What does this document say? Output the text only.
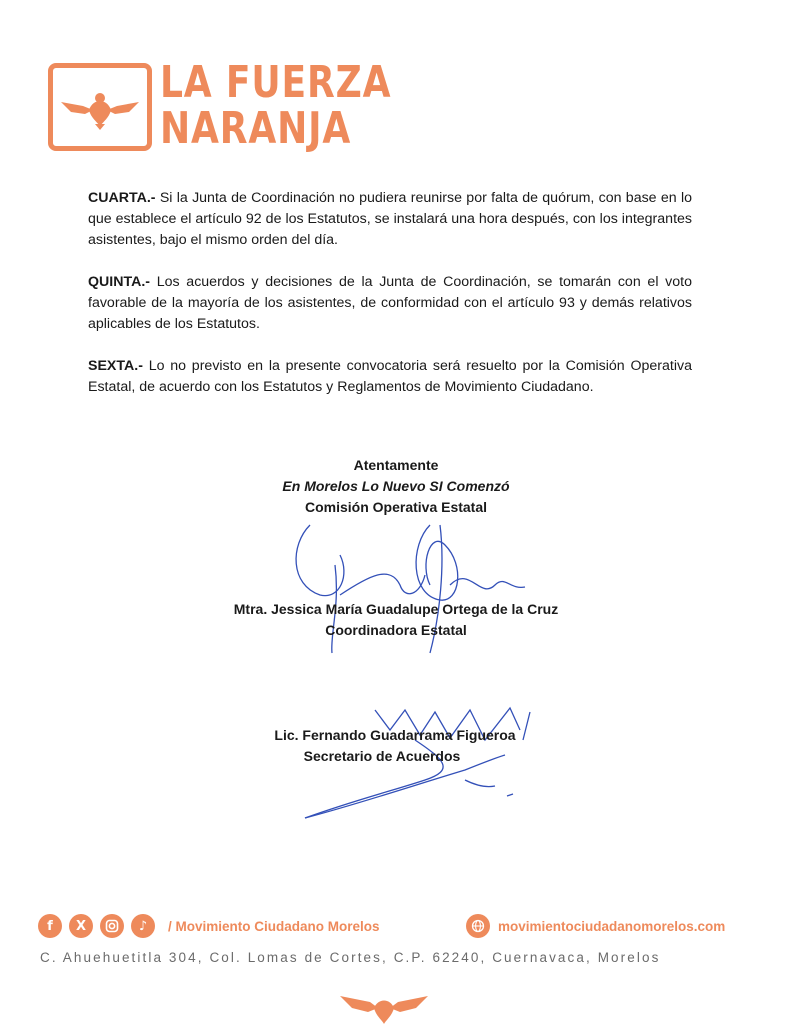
LA FUERZA
NARANJA

CUARTA.- Si la Junta de Coordinación no pudiera reunirse por falta de quórum, con base en lo que establece el artículo 92 de los Estatutos, se instalará una hora después, con los integrantes asistentes, bajo el mismo orden del día.

QUINTA.- Los acuerdos y decisiones de la Junta de Coordinación, se tomarán con el voto favorable de la mayoría de los asistentes, de conformidad con el artículo 93 y demás relativos aplicables de los Estatutos.

SEXTA.- Lo no previsto en la presente convocatoria será resuelto por la Comisión Operativa Estatal, de acuerdo con los Estatutos y Reglamentos de Movimiento Ciudadano.

Atentamente
En Morelos Lo Nuevo SI Comenzó
Comisión Operativa Estatal
Mtra. Jessica María Guadalupe Ortega de la Cruz
Coordinadora Estatal
Lic. Fernando Guadarrama Figueroa
Secretario de Acuerdos
f	X	♪	/ Movimiento Ciudadano Morelos	movimientociudadanomorelos.com
C. Ahuehuetitla 304, Col. Lomas de Cortes, C.P. 62240, Cuernavaca, Morelos
